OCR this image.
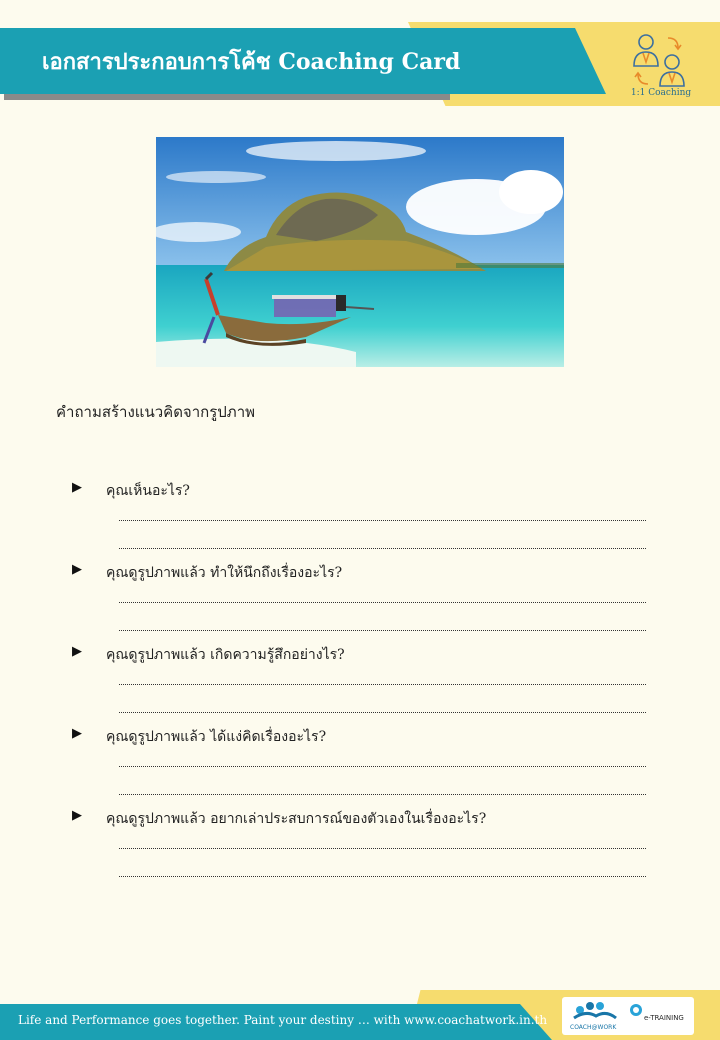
เอกสารประกอบการโค้ช Coaching Card
1:1 Coaching
คำถามสร้างแนวคิดจากรูปภาพ
▶ คุณเห็นอะไร?
▶ คุณดูรูปภาพแล้ว ทำให้นึกถึงเรื่องอะไร?
▶ คุณดูรูปภาพแล้ว เกิดความรู้สึกอย่างไร?
▶ คุณดูรูปภาพแล้ว ได้แง่คิดเรื่องอะไร?
▶ คุณดูรูปภาพแล้ว อยากเล่าประสบการณ์ของตัวเองในเรื่องอะไร?
Life and Performance goes together. Paint your destiny … with www.coachatwork.in.th
COACH@WORK
e-TRAINING
